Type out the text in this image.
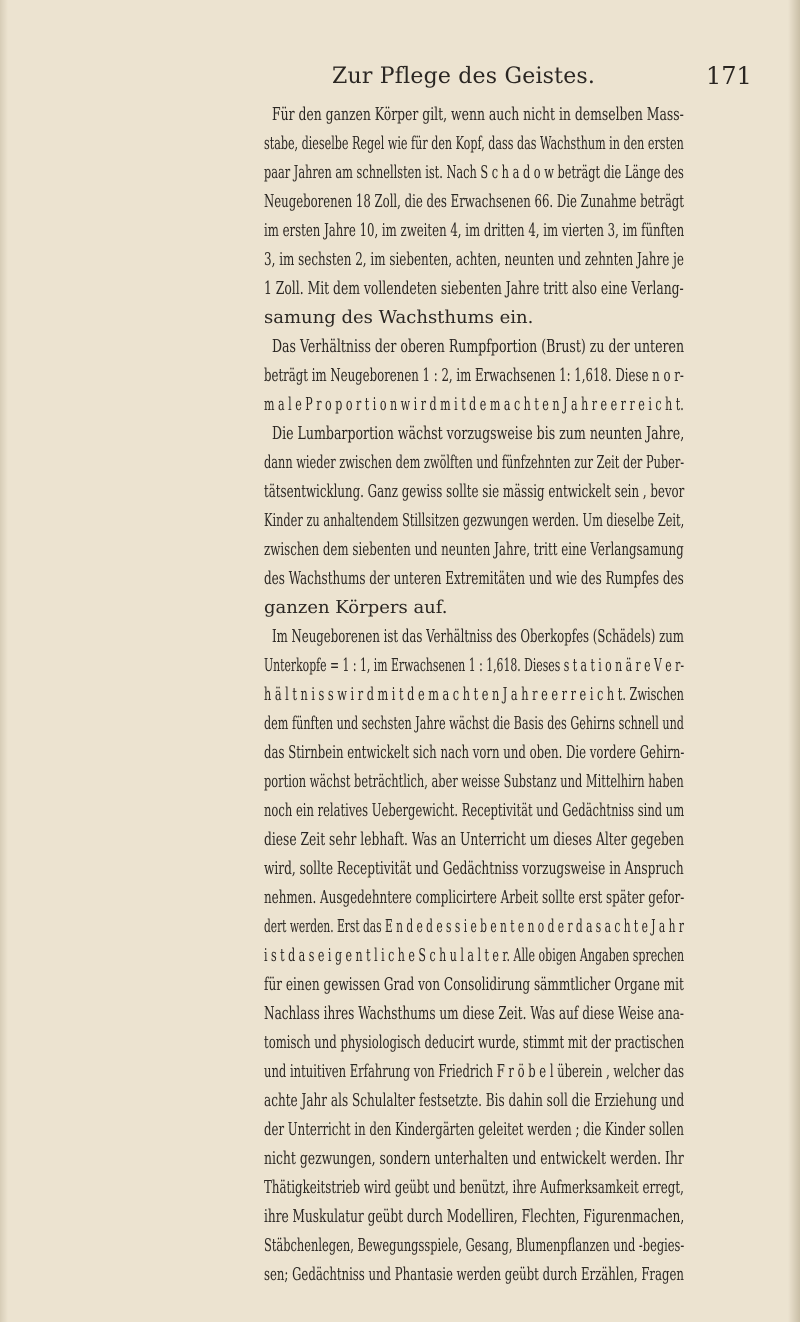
Zur Pflege des Geistes.	171
Für den ganzen Körper gilt, wenn auch nicht in demselben Mass-
stabe, dieselbe Regel wie für den Kopf, dass das Wachsthum in den ersten
paar Jahren am schnellsten ist. Nach S c h a d o w beträgt die Länge des
Neugeborenen 18 Zoll, die des Erwachsenen 66. Die Zunahme beträgt
im ersten Jahre 10, im zweiten 4, im dritten 4, im vierten 3, im fünften
3, im sechsten 2, im siebenten, achten, neunten und zehnten Jahre je
1 Zoll. Mit dem vollendeten siebenten Jahre tritt also eine Verlang-
samung des Wachsthums ein.
Das Verhältniss der oberen Rumpfportion (Brust) zu der unteren
beträgt im Neugeborenen 1 : 2, im Erwachsenen 1: 1,618. Diese n o r-
m a l e P r o p o r t i o n w i r d m i t d e m a c h t e n J a h r e e r r e i c h t.
Die Lumbarportion wächst vorzugsweise bis zum neunten Jahre,
dann wieder zwischen dem zwölften und fünfzehnten zur Zeit der Puber-
tätsentwicklung. Ganz gewiss sollte sie mässig entwickelt sein , bevor
Kinder zu anhaltendem Stillsitzen gezwungen werden. Um dieselbe Zeit,
zwischen dem siebenten und neunten Jahre, tritt eine Verlangsamung
des Wachsthums der unteren Extremitäten und wie des Rumpfes des
ganzen Körpers auf.
Im Neugeborenen ist das Verhältniss des Oberkopfes (Schädels) zum
Unterkopfe = 1 : 1, im Erwachsenen 1 : 1,618. Dieses s t a t i o n ä r e V e r-
h ä l t n i s s w i r d m i t d e m a c h t e n J a h r e e r r e i c h t. Zwischen
dem fünften und sechsten Jahre wächst die Basis des Gehirns schnell und
das Stirnbein entwickelt sich nach vorn und oben. Die vordere Gehirn-
portion wächst beträchtlich, aber weisse Substanz und Mittelhirn haben
noch ein relatives Uebergewicht. Receptivität und Gedächtniss sind um
diese Zeit sehr lebhaft. Was an Unterricht um dieses Alter gegeben
wird, sollte Receptivität und Gedächtniss vorzugsweise in Anspruch
nehmen. Ausgedehntere complicirtere Arbeit sollte erst später gefor-
dert werden. Erst das E n d e d e s s i e b e n t e n o d e r d a s a c h t e J a h r
i s t d a s e i g e n t l i c h e S c h u l a l t e r. Alle obigen Angaben sprechen
für einen gewissen Grad von Consolidirung sämmtlicher Organe mit
Nachlass ihres Wachsthums um diese Zeit. Was auf diese Weise ana-
tomisch und physiologisch deducirt wurde, stimmt mit der practischen
und intuitiven Erfahrung von Friedrich F r ö b e l überein , welcher das
achte Jahr als Schulalter festsetzte. Bis dahin soll die Erziehung und
der Unterricht in den Kindergärten geleitet werden ; die Kinder sollen
nicht gezwungen, sondern unterhalten und entwickelt werden. Ihr
Thätigkeitstrieb wird geübt und benützt, ihre Aufmerksamkeit erregt,
ihre Muskulatur geübt durch Modelliren, Flechten, Figurenmachen,
Stäbchenlegen, Bewegungsspiele, Gesang, Blumenpflanzen und -begies-
sen; Gedächtniss und Phantasie werden geübt durch Erzählen, Fragen
